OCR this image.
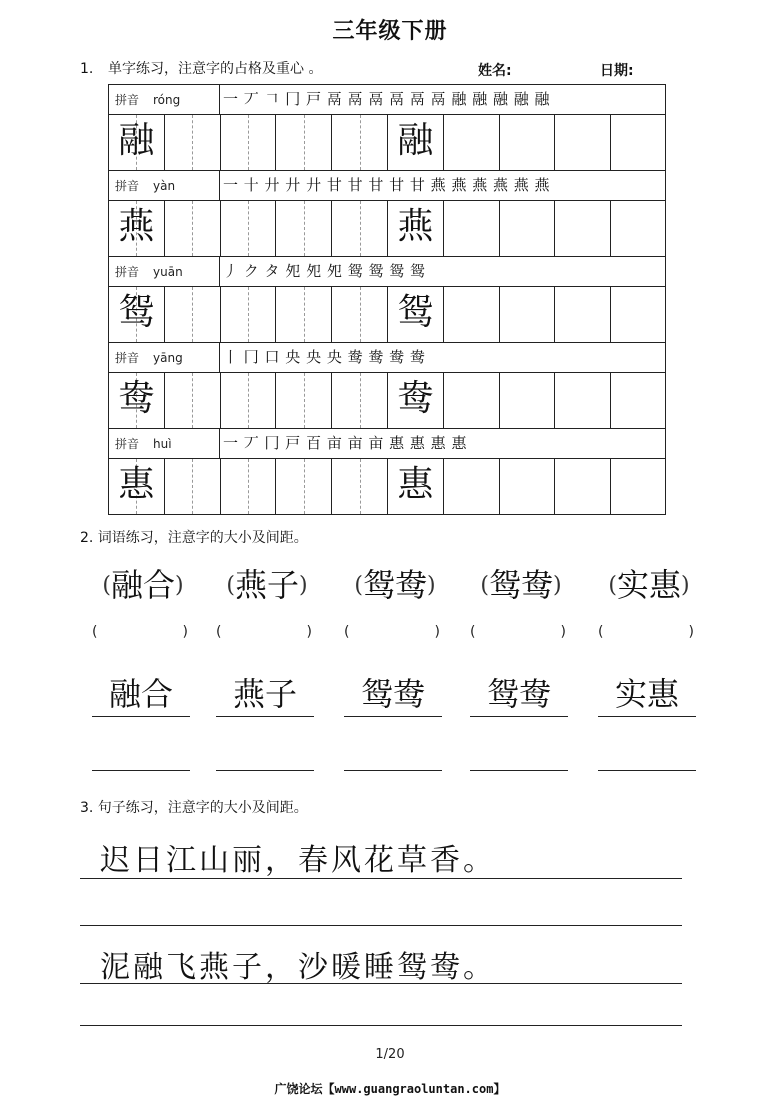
三年级下册
1. 单字练习，注意字的占格及重心 。	姓名:	日期:
拼音 róng	一 丆 𠃍 冂 戸 鬲 鬲 鬲 鬲 鬲 鬲 融 融 融 融 融
融	融
拼音 yàn	一 十 廾 廾 廾 甘 甘 甘 甘 甘 燕 燕 燕 燕 燕 燕
燕	燕
拼音 yuān	丿 ク タ 夗 夗 夗 鸳 鸳 鸳 鸳
鸳	鸳
拼音 yāng	丨 冂 口 央 央 央 鸯 鸯 鸯 鸯
鸯	鸯
拼音 huì	一 丆 冂 戸 百 亩 亩 亩 惠 惠 惠 惠
惠	惠
2. 词语练习，注意字的大小及间距。
(融合)
(	)
融合
(燕子)
(	)
燕子
(鸳鸯)
(	)
鸳鸯
(鸳鸯)
(	)
鸳鸯
(实惠)
(	)
实惠
3. 句子练习，注意字的大小及间距。
迟日江山丽，春风花草香。
泥融飞燕子，沙暖睡鸳鸯。
1/20
广饶论坛【www.guangraoluntan.com】
